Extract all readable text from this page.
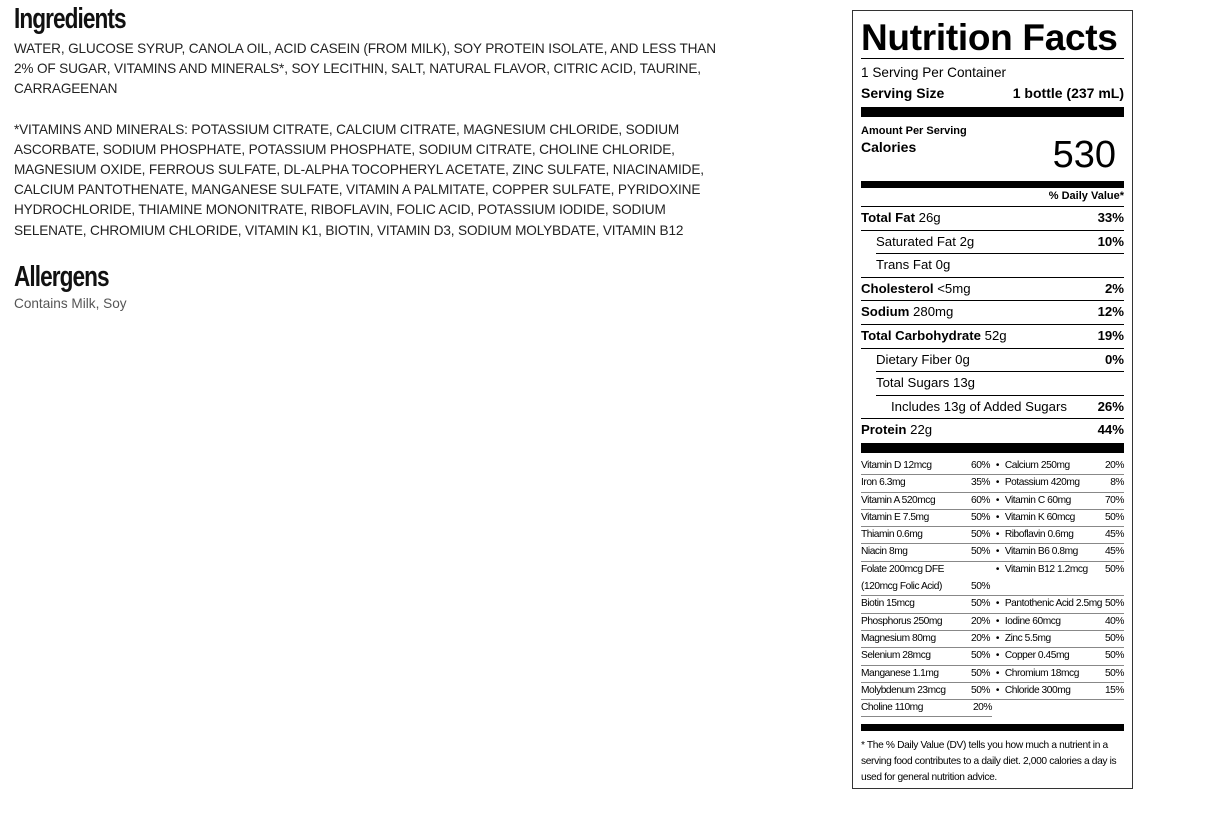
Ingredients
WATER, GLUCOSE SYRUP, CANOLA OIL, ACID CASEIN (FROM MILK), SOY PROTEIN ISOLATE, AND LESS THAN 2% OF SUGAR, VITAMINS AND MINERALS*, SOY LECITHIN, SALT, NATURAL FLAVOR, CITRIC ACID, TAURINE, CARRAGEENAN
*VITAMINS AND MINERALS: POTASSIUM CITRATE, CALCIUM CITRATE, MAGNESIUM CHLORIDE, SODIUM ASCORBATE, SODIUM PHOSPHATE, POTASSIUM PHOSPHATE, SODIUM CITRATE, CHOLINE CHLORIDE, MAGNESIUM OXIDE, FERROUS SULFATE, DL-ALPHA TOCOPHERYL ACETATE, ZINC SULFATE, NIACINAMIDE, CALCIUM PANTOTHENATE, MANGANESE SULFATE, VITAMIN A PALMITATE, COPPER SULFATE, PYRIDOXINE HYDROCHLORIDE, THIAMINE MONONITRATE, RIBOFLAVIN, FOLIC ACID, POTASSIUM IODIDE, SODIUM SELENATE, CHROMIUM CHLORIDE, VITAMIN K1, BIOTIN, VITAMIN D3, SODIUM MOLYBDATE, VITAMIN B12
Allergens
Contains Milk, Soy
Nutrition Facts
1 Serving Per Container
Serving Size	1 bottle (237 mL)
Amount Per Serving
Calories	530
% Daily Value*
Total Fat 26g	33%
Saturated Fat 2g	10%
Trans Fat 0g
Cholesterol <5mg	2%
Sodium 280mg	12%
Total Carbohydrate 52g	19%
Dietary Fiber 0g	0%
Total Sugars 13g
Includes 13g of Added Sugars 26%
Protein 22g	44%
Vitamin D 12mcg	60% • Calcium 250mg	20%
Iron 6.3mg	35% • Potassium 420mg	8%
Vitamin A 520mcg	60% • Vitamin C 60mg	70%
Vitamin E 7.5mg	50% • Vitamin K 60mcg	50%
Thiamin 0.6mg	50% • Riboflavin 0.6mg	45%
Niacin 8mg	50% • Vitamin B6 0.8mg	45%
Folate 200mcg DFE	• Vitamin B12 1.2mcg	50%
(120mcg Folic Acid)	50%
Biotin 15mcg	50% • Pantothenic Acid 2.5mg 50%
Phosphorus 250mg	20% • Iodine 60mcg	40%
Magnesium 80mg	20% • Zinc 5.5mg	50%
Selenium 28mcg	50% • Copper 0.45mg	50%
Manganese 1.1mg	50% • Chromium 18mcg	50%
Molybdenum 23mcg	50% • Chloride 300mg	15%
Choline 110mg	20%
* The % Daily Value (DV) tells you how much a nutrient in a serving food contributes to a daily diet. 2,000 calories a day is used for general nutrition advice.
